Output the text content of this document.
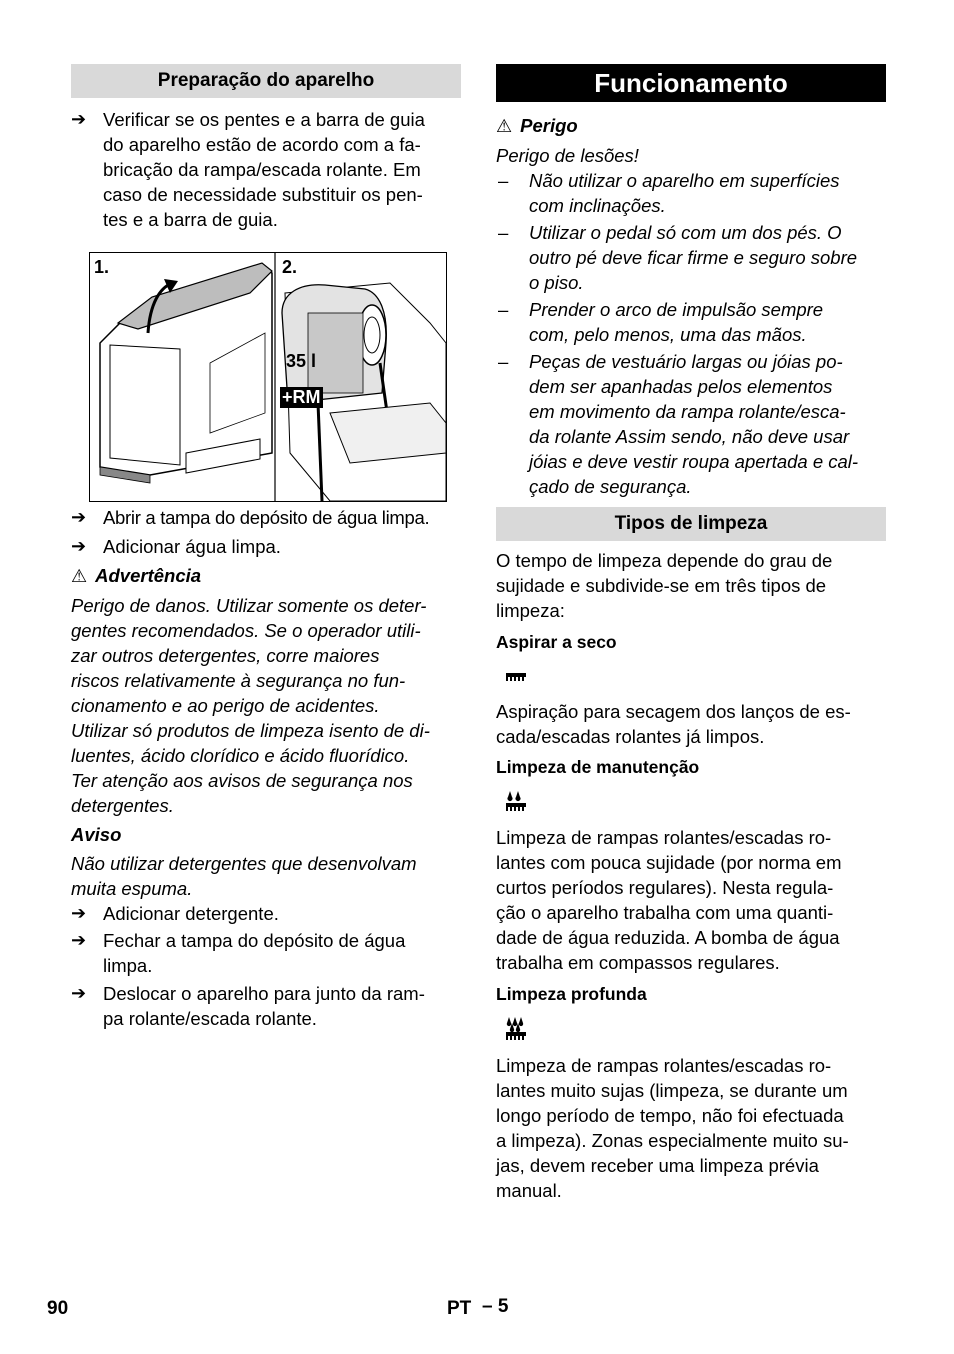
Preparação do aparelho
➔ Verificar se os pentes e a barra de guia
do aparelho estão de acordo com a fa-
bricação da rampa/escada rolante. Em
caso de necessidade substituir os pen-
tes e a barra de guia.
1.	2.
35 l
+RM
➔ Abrir a tampa do depósito de água limpa.
➔ Adicionar água limpa.
⚠ Advertência
Perigo de danos. Utilizar somente os deter-
gentes recomendados. Se o operador utili-
zar outros detergentes, corre maiores
riscos relativamente à segurança no fun-
cionamento e ao perigo de acidentes.
Utilizar só produtos de limpeza isento de di-
luentes, ácido clorídico e ácido fluorídico.
Ter atenção aos avisos de segurança nos
detergentes.
Aviso
Não utilizar detergentes que desenvolvam
muita espuma.
➔ Adicionar detergente.
➔ Fechar a tampa do depósito de água
limpa.
➔ Deslocar o aparelho para junto da ram-
pa rolante/escada rolante.
Funcionamento
⚠ Perigo
Perigo de lesões!
– Não utilizar o aparelho em superfícies
com inclinações.
– Utilizar o pedal só com um dos pés. O
outro pé deve ficar firme e seguro sobre
o piso.
– Prender o arco de impulsão sempre
com, pelo menos, uma das mãos.
– Peças de vestuário largas ou jóias po-
dem ser apanhadas pelos elementos
em movimento da rampa rolante/esca-
da rolante Assim sendo, não deve usar
jóias e deve vestir roupa apertada e cal-
çado de segurança.
Tipos de limpeza
O tempo de limpeza depende do grau de
sujidade e subdivide-se em três tipos de
limpeza:
Aspirar a seco
Aspiração para secagem dos lanços de es-
cada/escadas rolantes já limpos.
Limpeza de manutenção
Limpeza de rampas rolantes/escadas ro-
lantes com pouca sujidade (por norma em
curtos períodos regulares). Nesta regula-
ção o aparelho trabalha com uma quanti-
dade de água reduzida. A bomba de água
trabalha em compassos regulares.
Limpeza profunda
Limpeza de rampas rolantes/escadas ro-
lantes muito sujas (limpeza, se durante um
longo período de tempo, não foi efectuada
a limpeza). Zonas especialmente muito su-
jas, devem receber uma limpeza prévia
manual.
90	PT – 5
